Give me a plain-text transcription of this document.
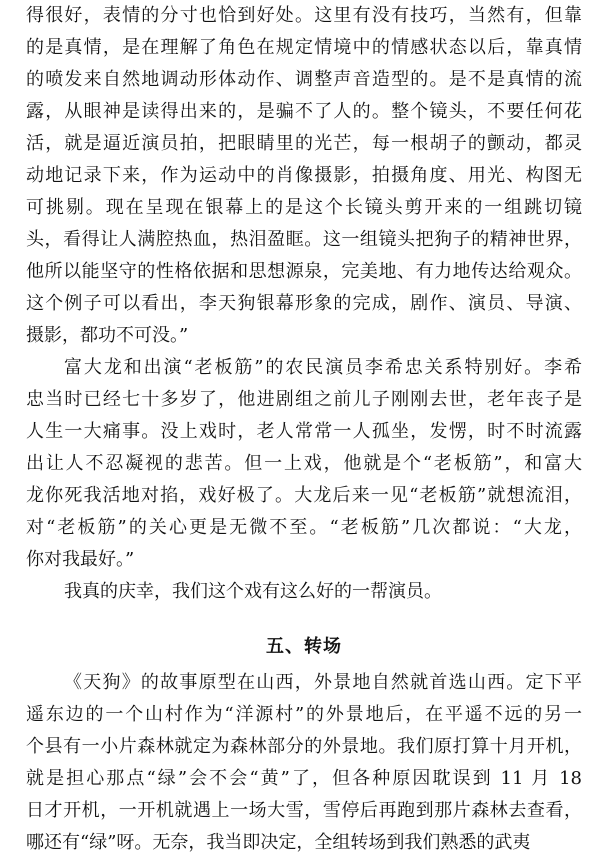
得很好，表情的分寸也恰到好处。这里有没有技巧，当然有，但靠
的是真情，是在理解了角色在规定情境中的情感状态以后，靠真情
的喷发来自然地调动形体动作、调整声音造型的。是不是真情的流
露，从眼神是读得出来的，是骗不了人的。整个镜头，不要任何花
活，就是逼近演员拍，把眼睛里的光芒，每一根胡子的颤动，都灵
动地记录下来，作为运动中的肖像摄影，拍摄角度、用光、构图无
可挑剔。现在呈现在银幕上的是这个长镜头剪开来的一组跳切镜
头，看得让人满腔热血，热泪盈眶。这一组镜头把狗子的精神世界，
他所以能坚守的性格依据和思想源泉，完美地、有力地传达给观众。
这个例子可以看出，李天狗银幕形象的完成，剧作、演员、导演、
摄影，都功不可没。”
富大龙和出演“老板筋”的农民演员李希忠关系特别好。李希
忠当时已经七十多岁了，他进剧组之前儿子刚刚去世，老年丧子是
人生一大痛事。没上戏时，老人常常一人孤坐，发愣，时不时流露
出让人不忍凝视的悲苦。但一上戏，他就是个“老板筋”，和富大
龙你死我活地对掐，戏好极了。大龙后来一见“老板筋”就想流泪，
对“老板筋”的关心更是无微不至。“老板筋”几次都说：“大龙，
你对我最好。”
我真的庆幸，我们这个戏有这么好的一帮演员。
五、转场
《天狗》的故事原型在山西，外景地自然就首选山西。定下平
遥东边的一个山村作为“洋源村”的外景地后，在平遥不远的另一
个县有一小片森林就定为森林部分的外景地。我们原打算十月开机，
就是担心那点“绿”会不会“黄”了，但各种原因耽误到 11 月 18
日才开机，一开机就遇上一场大雪，雪停后再跑到那片森林去查看，
哪还有“绿”呀。无奈，我当即决定，全组转场到我们熟悉的武夷
